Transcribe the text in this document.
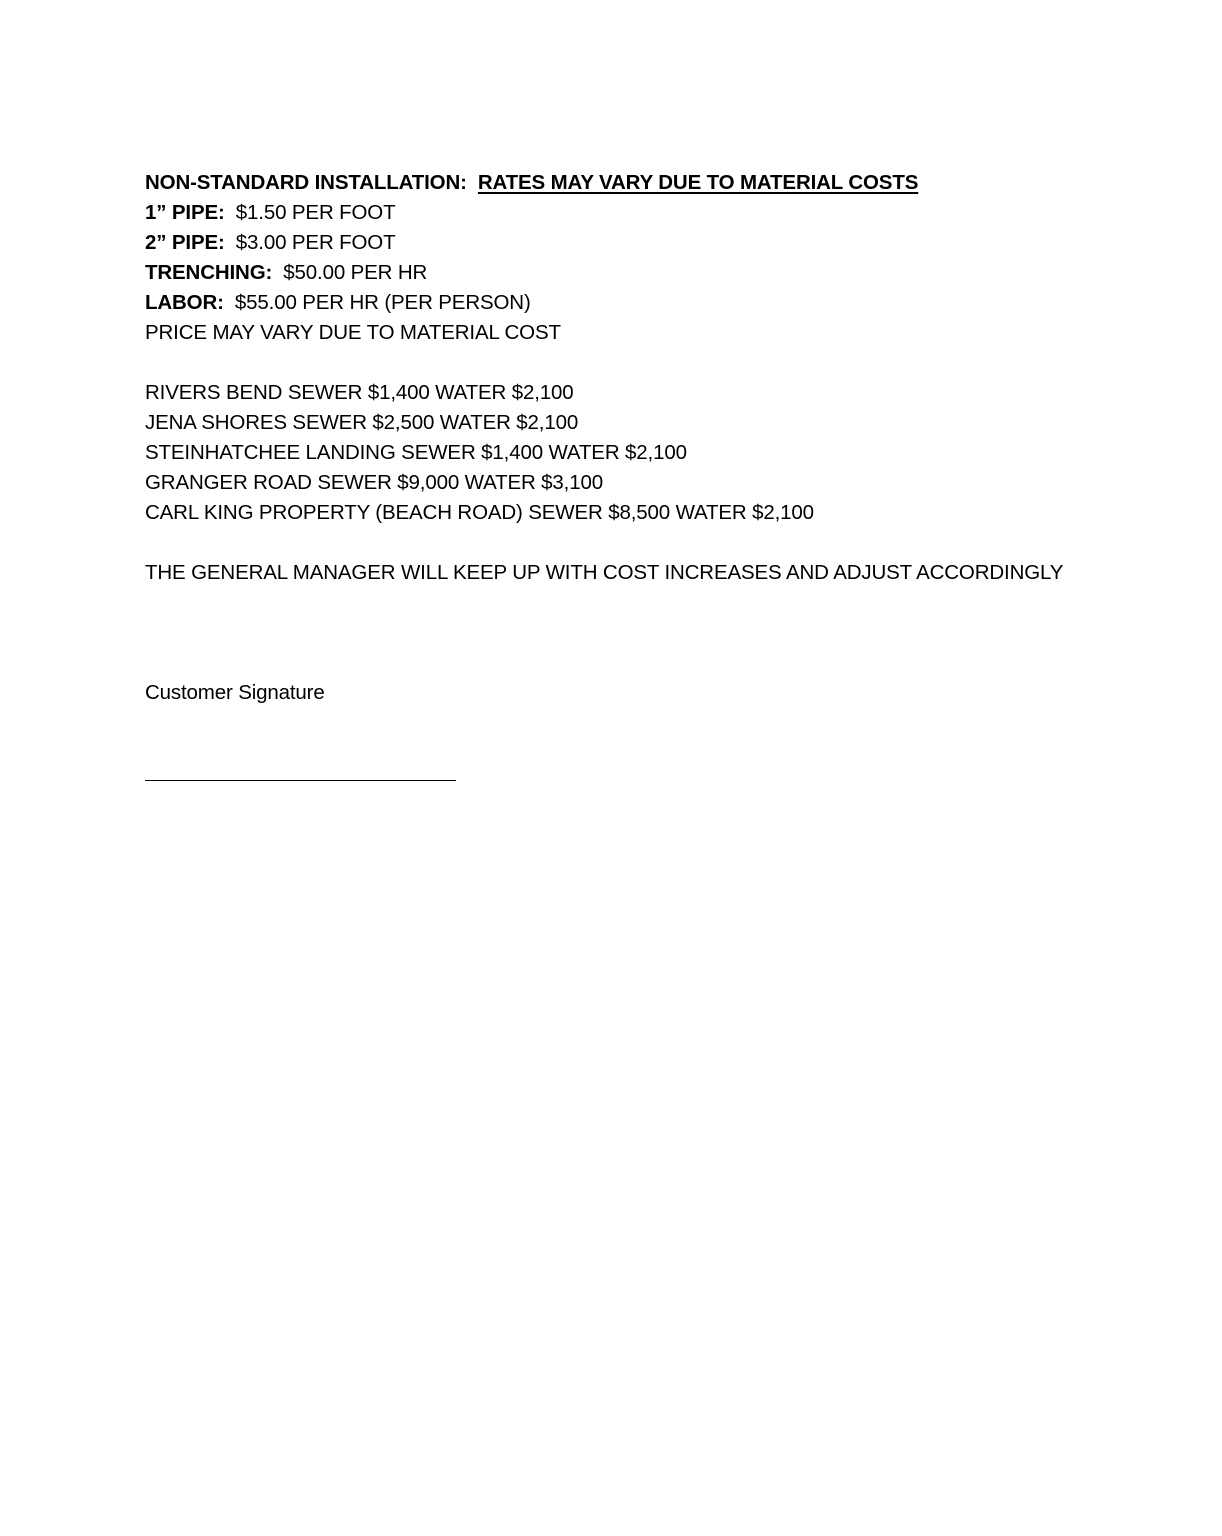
NON-STANDARD INSTALLATION: RATES MAY VARY DUE TO MATERIAL COSTS
1” PIPE: $1.50 PER FOOT
2” PIPE: $3.00 PER FOOT
TRENCHING: $50.00 PER HR
LABOR: $55.00 PER HR (PER PERSON)
PRICE MAY VARY DUE TO MATERIAL COST
RIVERS BEND SEWER $1,400 WATER $2,100
JENA SHORES SEWER $2,500 WATER $2,100
STEINHATCHEE LANDING SEWER $1,400 WATER $2,100
GRANGER ROAD SEWER $9,000 WATER $3,100
CARL KING PROPERTY (BEACH ROAD) SEWER $8,500 WATER $2,100
THE GENERAL MANAGER WILL KEEP UP WITH COST INCREASES AND ADJUST ACCORDINGLY
Customer Signature
